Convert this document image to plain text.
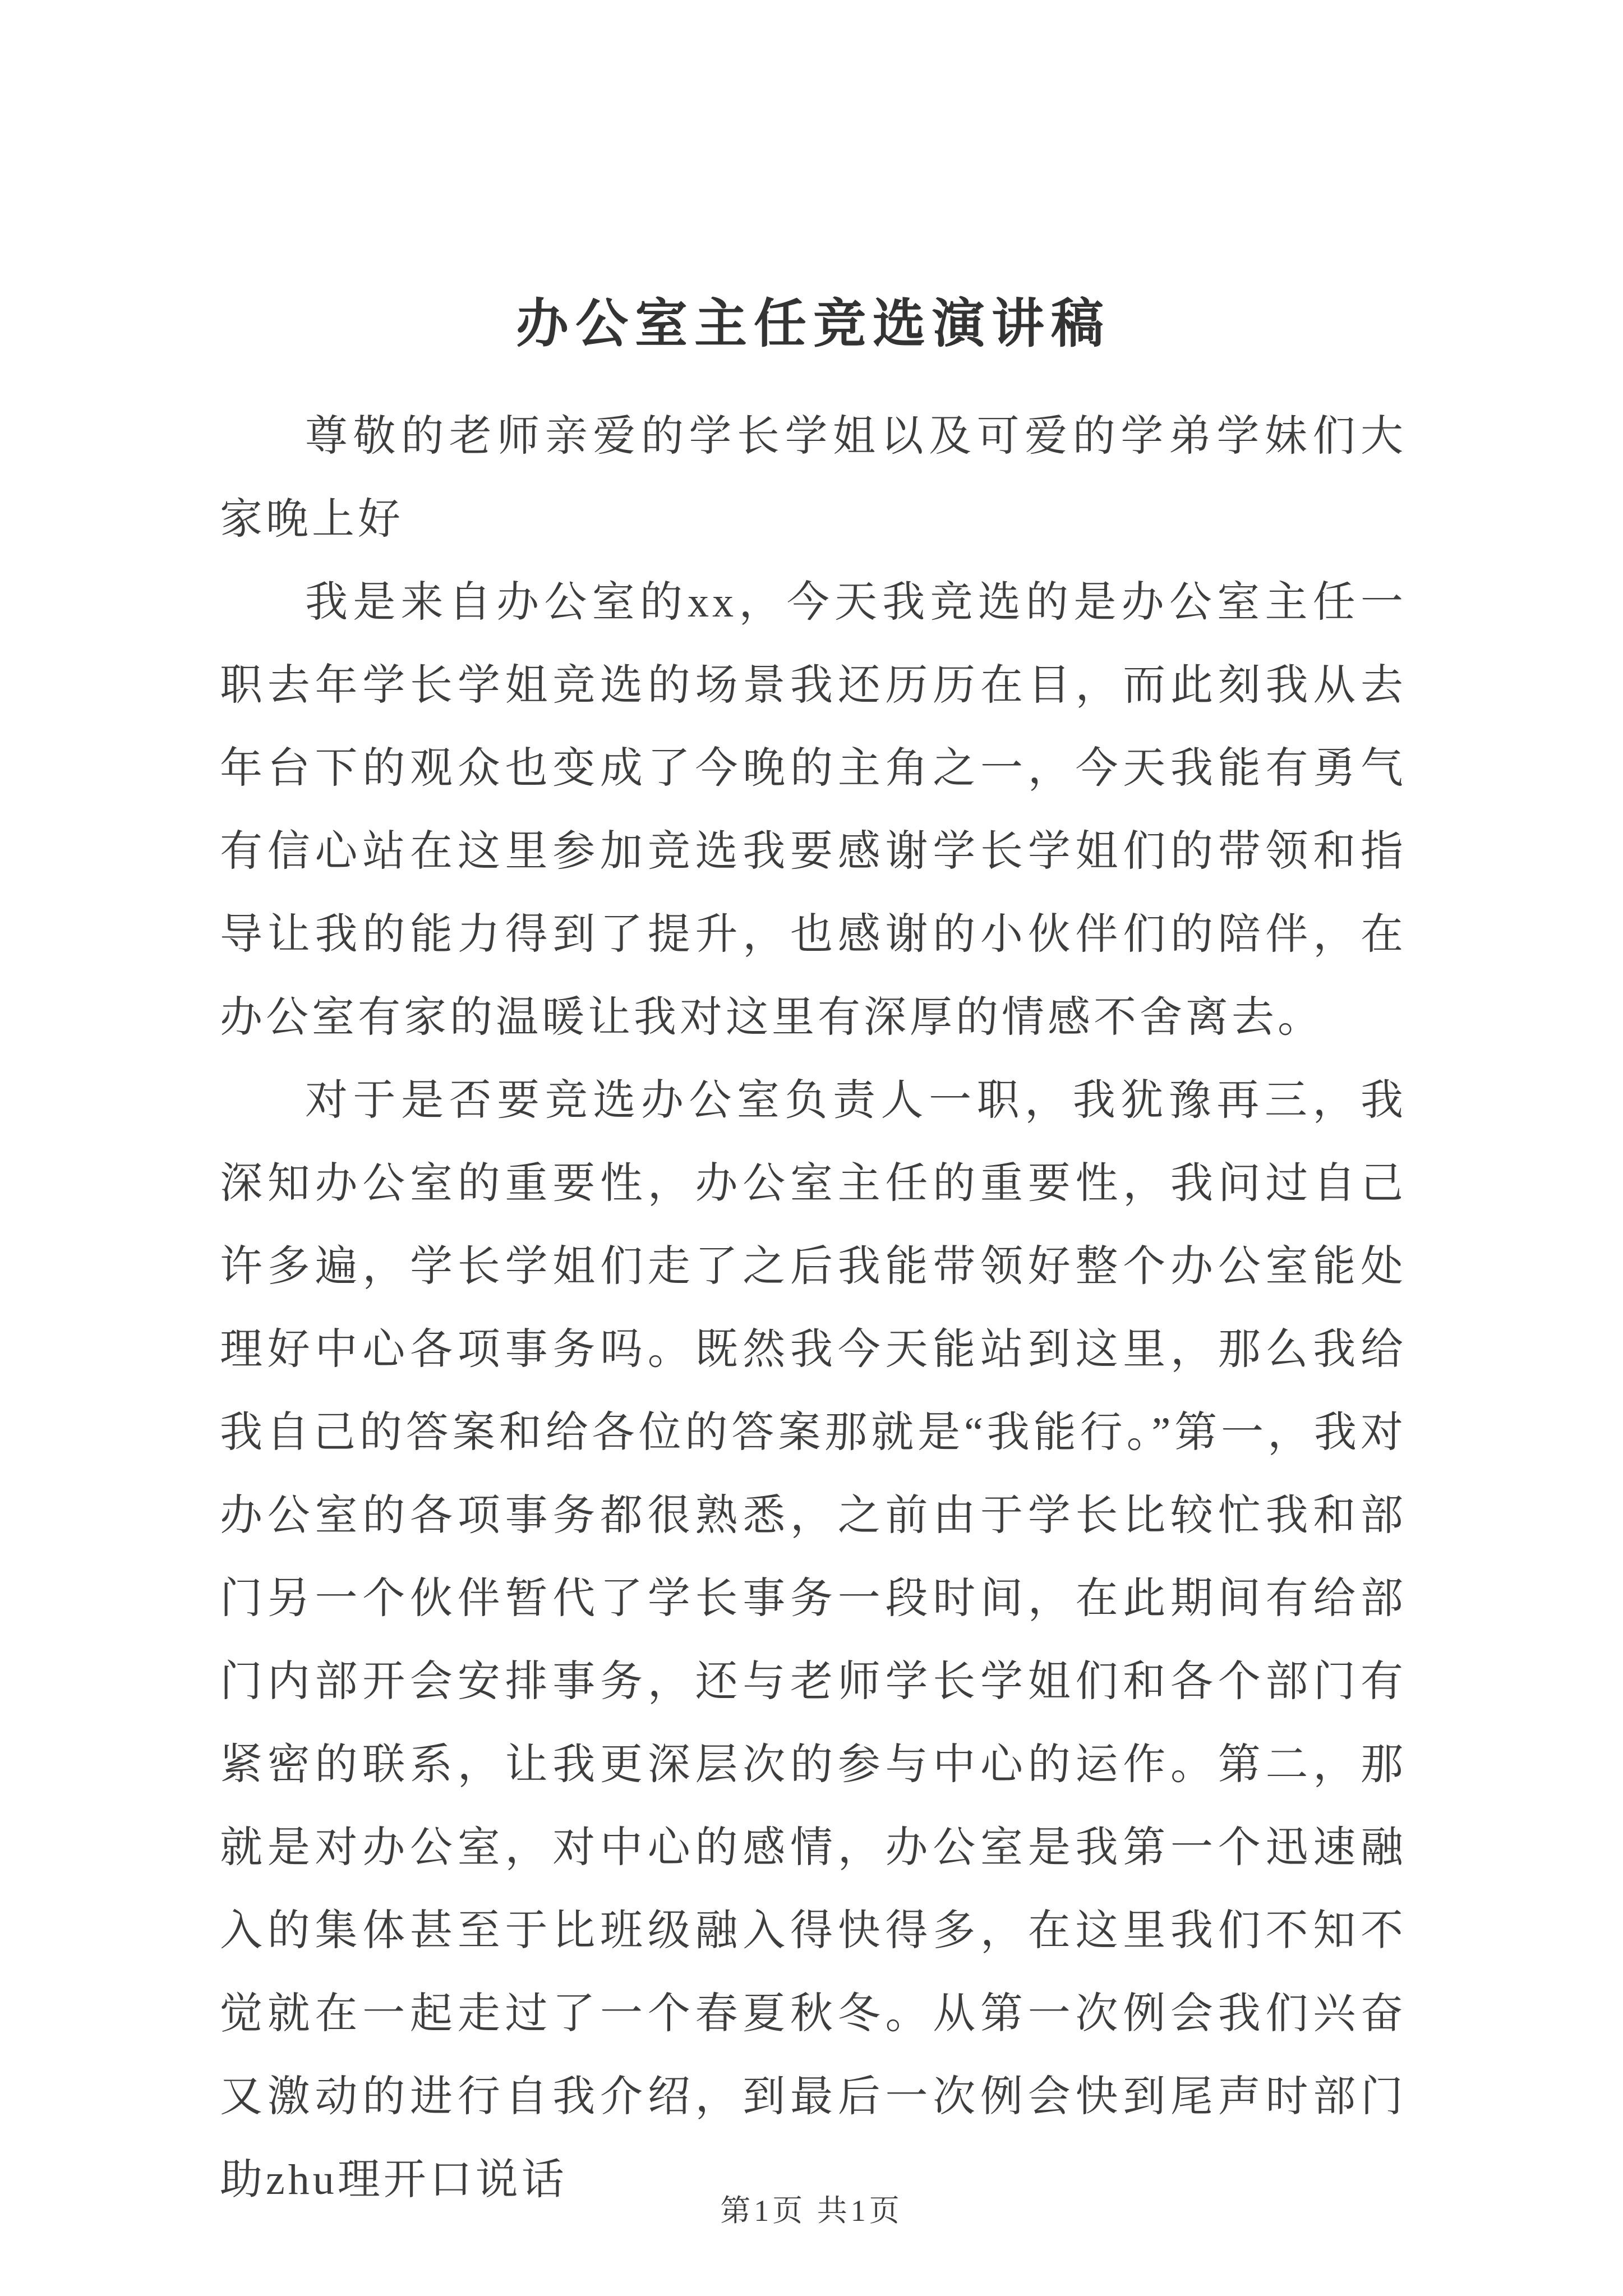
办公室主任竞选演讲稿

尊敬的老师亲爱的学长学姐以及可爱的学弟学妹们大家晚上好

我是来自办公室的xx，今天我竞选的是办公室主任一职去年学长学姐竞选的场景我还历历在目，而此刻我从去年台下的观众也变成了今晚的主角之一，今天我能有勇气有信心站在这里参加竞选我要感谢学长学姐们的带领和指导让我的能力得到了提升，也感谢的小伙伴们的陪伴，在办公室有家的温暖让我对这里有深厚的情感不舍离去。

对于是否要竞选办公室负责人一职，我犹豫再三，我深知办公室的重要性，办公室主任的重要性，我问过自己许多遍，学长学姐们走了之后我能带领好整个办公室能处理好中心各项事务吗。既然我今天能站到这里，那么我给我自己的答案和给各位的答案那就是“我能行。”第一，我对办公室的各项事务都很熟悉，之前由于学长比较忙我和部门另一个伙伴暂代了学长事务一段时间，在此期间有给部门内部开会安排事务，还与老师学长学姐们和各个部门有紧密的联系，让我更深层次的参与中心的运作。第二，那就是对办公室，对中心的感情，办公室是我第一个迅速融入的集体甚至于比班级融入得快得多，在这里我们不知不觉就在一起走过了一个春夏秋冬。从第一次例会我们兴奋又激动的进行自我介绍，到最后一次例会快到尾声时部门助zhu理开口说话

第1页 共1页
